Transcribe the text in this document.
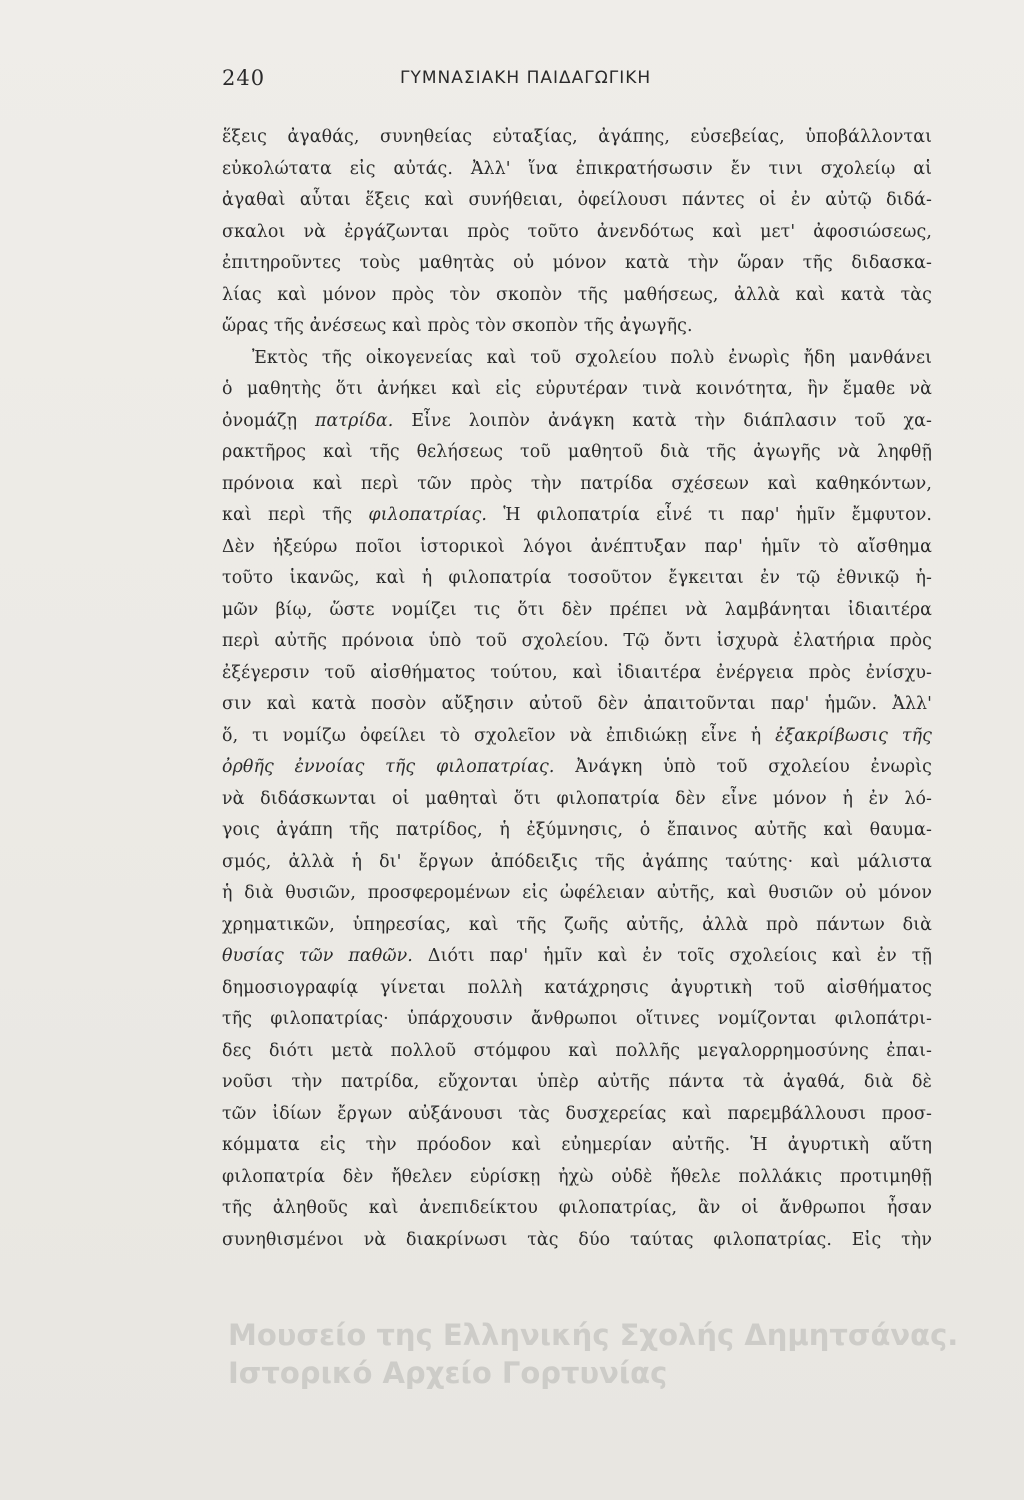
240	ΓΥΜΝΑΣΙΑΚΗ ΠΑΙΔΑΓΩΓΙΚΗ
ἕξεις ἀγαθάς, συνηθείας εὐταξίας, ἀγάπης, εὐσεβείας, ὑποβάλλονται
εὐκολώτατα εἰς αὐτάς. Ἀλλ' ἵνα ἐπικρατήσωσιν ἔν τινι σχολείῳ αἱ
ἀγαθαὶ αὗται ἕξεις καὶ συνήθειαι, ὀφείλουσι πάντες οἱ ἐν αὐτῷ διδά-
σκαλοι νὰ ἐργάζωνται πρὸς τοῦτο ἀνενδότως καὶ μετ' ἀφοσιώσεως,
ἐπιτηροῦντες τοὺς μαθητὰς οὐ μόνον κατὰ τὴν ὥραν τῆς διδασκα-
λίας καὶ μόνον πρὸς τὸν σκοπὸν τῆς μαθήσεως, ἀλλὰ καὶ κατὰ τὰς
ὥρας τῆς ἀνέσεως καὶ πρὸς τὸν σκοπὸν τῆς ἀγωγῆς.
Ἐκτὸς τῆς οἰκογενείας καὶ τοῦ σχολείου πολὺ ἐνωρὶς ἤδη μανθάνει
ὁ μαθητὴς ὅτι ἀνήκει καὶ εἰς εὐρυτέραν τινὰ κοινότητα, ἣν ἔμαθε νὰ
ὀνομάζῃ πατρίδα. Εἶνε λοιπὸν ἀνάγκη κατὰ τὴν διάπλασιν τοῦ χα-
ρακτῆρος καὶ τῆς θελήσεως τοῦ μαθητοῦ διὰ τῆς ἀγωγῆς νὰ ληφθῇ
πρόνοια καὶ περὶ τῶν πρὸς τὴν πατρίδα σχέσεων καὶ καθηκόντων,
καὶ περὶ τῆς φιλοπατρίας. Ἡ φιλοπατρία εἶνέ τι παρ' ἡμῖν ἔμφυτον.
Δὲν ἠξεύρω ποῖοι ἱστορικοὶ λόγοι ἀνέπτυξαν παρ' ἡμῖν τὸ αἴσθημα
τοῦτο ἱκανῶς, καὶ ἡ φιλοπατρία τοσοῦτον ἔγκειται ἐν τῷ ἐθνικῷ ἡ-
μῶν βίῳ, ὥστε νομίζει τις ὅτι δὲν πρέπει νὰ λαμβάνηται ἰδιαιτέρα
περὶ αὐτῆς πρόνοια ὑπὸ τοῦ σχολείου. Τῷ ὄντι ἰσχυρὰ ἐλατήρια πρὸς
ἐξέγερσιν τοῦ αἰσθήματος τούτου, καὶ ἰδιαιτέρα ἐνέργεια πρὸς ἐνίσχυ-
σιν καὶ κατὰ ποσὸν αὔξησιν αὐτοῦ δὲν ἀπαιτοῦνται παρ' ἡμῶν. Ἀλλ'
ὅ, τι νομίζω ὀφείλει τὸ σχολεῖον νὰ ἐπιδιώκῃ εἶνε ἡ ἐξακρίβωσις τῆς
ὀρθῆς ἐννοίας τῆς φιλοπατρίας. Ἀνάγκη ὑπὸ τοῦ σχολείου ἐνωρὶς
νὰ διδάσκωνται οἱ μαθηταὶ ὅτι φιλοπατρία δὲν εἶνε μόνον ἡ ἐν λό-
γοις ἀγάπη τῆς πατρίδος, ἡ ἐξύμνησις, ὁ ἔπαινος αὐτῆς καὶ θαυμα-
σμός, ἀλλὰ ἡ δι' ἔργων ἀπόδειξις τῆς ἀγάπης ταύτης· καὶ μάλιστα
ἡ διὰ θυσιῶν, προσφερομένων εἰς ὠφέλειαν αὐτῆς, καὶ θυσιῶν οὐ μόνον
χρηματικῶν, ὑπηρεσίας, καὶ τῆς ζωῆς αὐτῆς, ἀλλὰ πρὸ πάντων διὰ
θυσίας τῶν παθῶν. Διότι παρ' ἡμῖν καὶ ἐν τοῖς σχολείοις καὶ ἐν τῇ
δημοσιογραφίᾳ γίνεται πολλὴ κατάχρησις ἀγυρτικὴ τοῦ αἰσθήματος
τῆς φιλοπατρίας· ὑπάρχουσιν ἄνθρωποι οἵτινες νομίζονται φιλοπάτρι-
δες διότι μετὰ πολλοῦ στόμφου καὶ πολλῆς μεγαλορρημοσύνης ἐπαι-
νοῦσι τὴν πατρίδα, εὔχονται ὑπὲρ αὐτῆς πάντα τὰ ἀγαθά, διὰ δὲ
τῶν ἰδίων ἔργων αὐξάνουσι τὰς δυσχερείας καὶ παρεμβάλλουσι προσ-
κόμματα εἰς τὴν πρόοδον καὶ εὐημερίαν αὐτῆς. Ἡ ἀγυρτικὴ αὕτη
φιλοπατρία δὲν ἤθελεν εὑρίσκῃ ἠχὼ οὐδὲ ἤθελε πολλάκις προτιμηθῇ
τῆς ἀληθοῦς καὶ ἀνεπιδείκτου φιλοπατρίας, ἂν οἱ ἄνθρωποι ἦσαν
συνηθισμένοι νὰ διακρίνωσι τὰς δύο ταύτας φιλοπατρίας. Εἰς τὴν
Μουσείο της Ελληνικής Σχολής Δημητσάνας.
Ιστορικό Αρχείο Γορτυνίας
